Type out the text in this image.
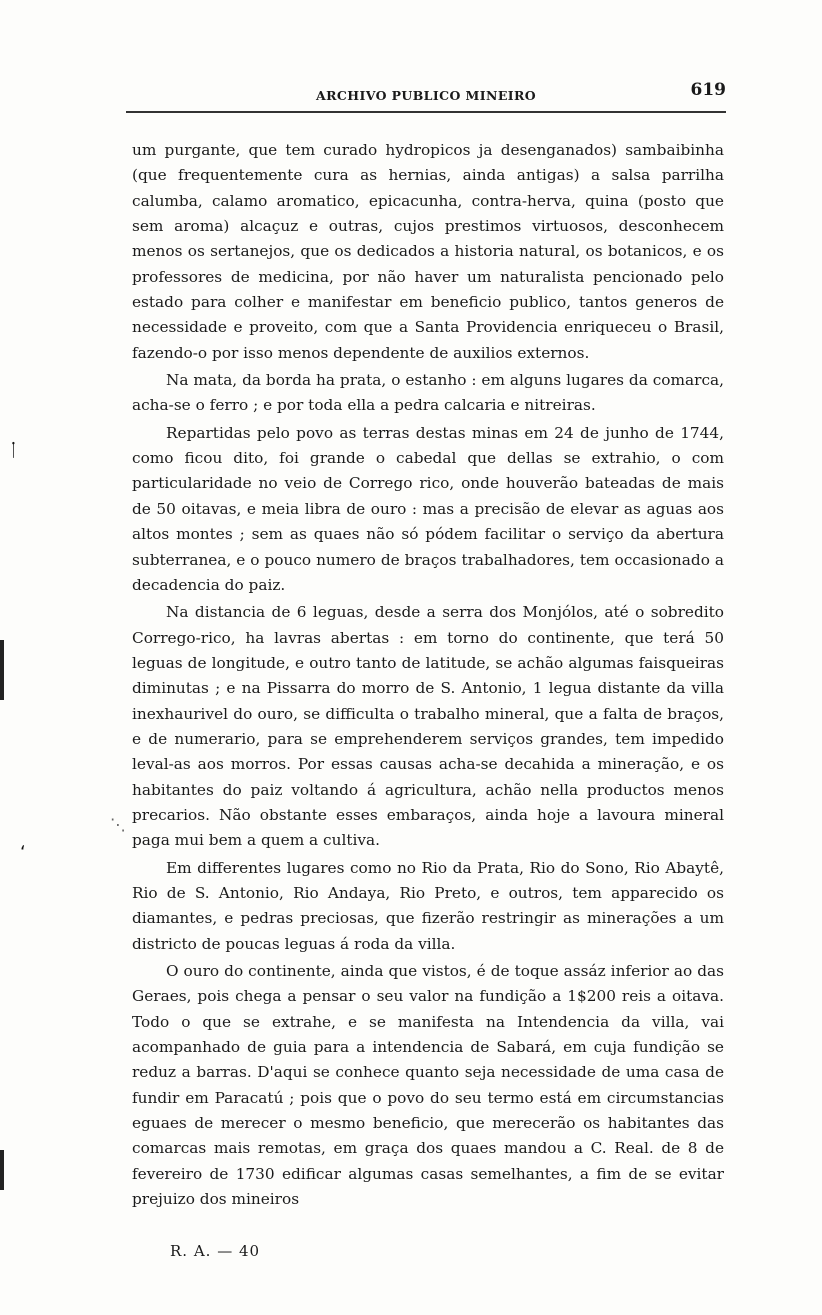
ᛙ
ʻ
⋱
ARCHIVO PUBLICO MINEIRO	619

um purgante, que tem curado hydropicos ja desenganados) sambaibinha (que frequentemente cura as hernias, ainda antigas) a salsa parrilha calumba, calamo aromatico, epicacunha, contra-herva, quina (posto que sem aroma) alcaçuz e outras, cujos prestimos virtuosos, desconhecem menos os sertanejos, que os dedicados a historia natural, os botanicos, e os professores de medicina, por não haver um naturalista pencionado pelo estado para colher e manifestar em beneficio publico, tantos generos de necessidade e proveito, com que a Santa Providencia enriqueceu o Brasil, fazendo-o por isso menos dependente de auxilios externos.

Na mata, da borda ha prata, o estanho : em alguns lugares da comarca, acha-se o ferro ; e por toda ella a pedra calcaria e nitreiras.

Repartidas pelo povo as terras destas minas em 24 de junho de 1744, como ficou dito, foi grande o cabedal que dellas se extrahio, o com particularidade no veio de Corrego rico, onde houverão bateadas de mais de 50 oitavas, e meia libra de ouro : mas a precisão de elevar as aguas aos altos montes ; sem as quaes não só pódem facilitar o serviço da abertura subterranea, e o pouco numero de braços trabalhadores, tem occasionado a decadencia do paiz.

Na distancia de 6 leguas, desde a serra dos Monjólos, até o sobredito Corrego-rico, ha lavras abertas : em torno do continente, que terá 50 leguas de longitude, e outro tanto de latitude, se achão algumas faisqueiras diminutas ; e na Pissarra do morro de S. Antonio, 1 legua distante da villa inexhaurivel do ouro, se difficulta o trabalho mineral, que a falta de braços, e de numerario, para se emprehenderem serviços grandes, tem impedido leval-as aos morros. Por essas causas acha-se decahida a mineração, e os habitantes do paiz voltando á agricultura, achão nella productos menos precarios. Não obstante esses embaraços, ainda hoje a lavoura mineral paga mui bem a quem a cultiva.

Em differentes lugares como no Rio da Prata, Rio do Sono, Rio Abaytê, Rio de S. Antonio, Rio Andaya, Rio Preto, e outros, tem apparecido os diamantes, e pedras preciosas, que fizerão restringir as minerações a um districto de poucas leguas á roda da villa.

O ouro do continente, ainda que vistos, é de toque assáz inferior ao das Geraes, pois chega a pensar o seu valor na fundição a 1$200 reis a oitava. Todo o que se extrahe, e se manifesta na Intendencia da villa, vai acompanhado de guia para a intendencia de Sabará, em cuja fundição se reduz a barras. D'aqui se conhece quanto seja necessidade de uma casa de fundir em Paracatú ; pois que o povo do seu termo está em circumstancias eguaes de merecer o mesmo beneficio, que merecerão os habitantes das comarcas mais remotas, em graça dos quaes mandou a C. Real. de 8 de fevereiro de 1730 edificar algumas casas semelhantes, a fim de se evitar prejuizo dos mineiros

R. A. — 40
